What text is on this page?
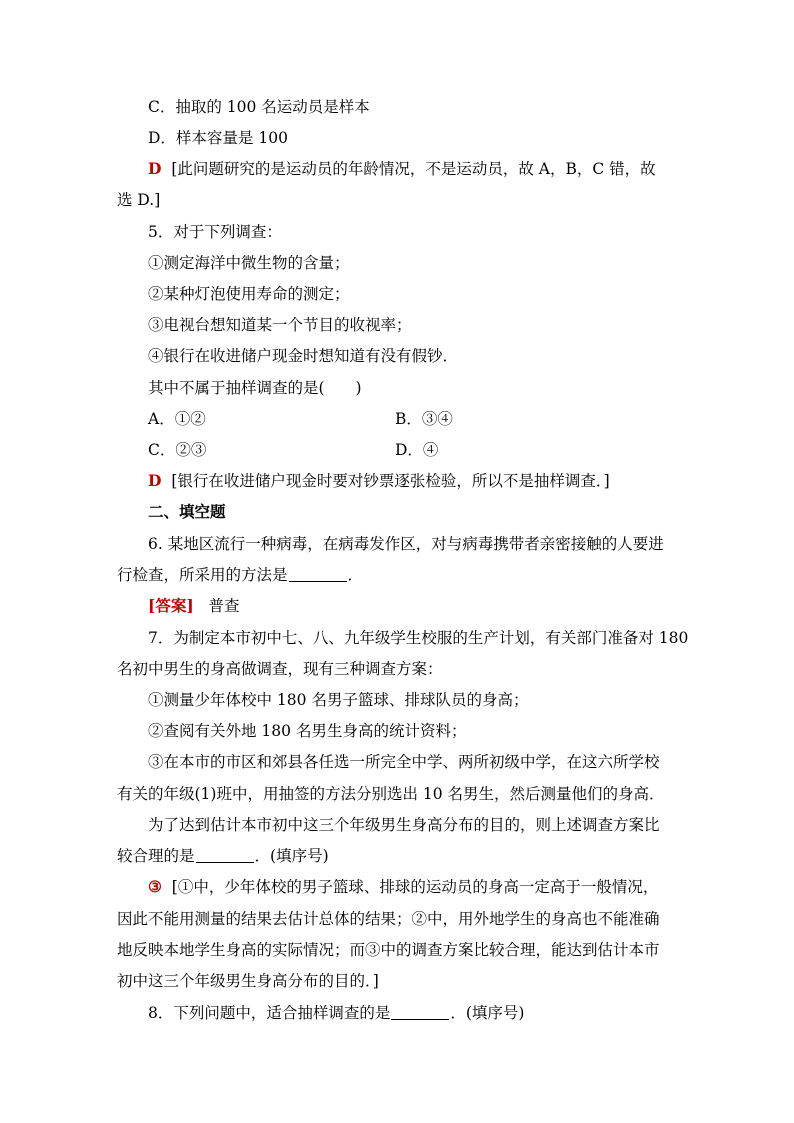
C．抽取的 100 名运动员是样本
D．样本容量是 100
D [此问题研究的是运动员的年龄情况，不是运动员，故 A，B，C 错，故
选 D.]
5．对于下列调查：
①测定海洋中微生物的含量；
②某种灯泡使用寿命的测定；
③电视台想知道某一个节目的收视率；
④银行在收进储户现金时想知道有没有假钞．
其中不属于抽样调查的是(　　)
A．①②	B．③④
C．②③	D．④
D [银行在收进储户现金时要对钞票逐张检验，所以不是抽样调查．]
二、填空题
6. 某地区流行一种病毒，在病毒发作区，对与病毒携带者亲密接触的人要进
行检查，所采用的方法是	．
[答案] 普查
7．为制定本市初中七、八、九年级学生校服的生产计划，有关部门准备对 180
名初中男生的身高做调查，现有三种调查方案：
①测量少年体校中 180 名男子篮球、排球队员的身高；
②查阅有关外地 180 名男生身高的统计资料；
③在本市的市区和郊县各任选一所完全中学、两所初级中学，在这六所学校
有关的年级(1)班中，用抽签的方法分别选出 10 名男生，然后测量他们的身高．
为了达到估计本市初中这三个年级男生身高分布的目的，则上述调查方案比
较合理的是	．(填序号)
③ [①中，少年体校的男子篮球、排球的运动员的身高一定高于一般情况，
因此不能用测量的结果去估计总体的结果；②中，用外地学生的身高也不能准确
地反映本地学生身高的实际情况；而③中的调查方案比较合理，能达到估计本市
初中这三个年级男生身高分布的目的．]
8．下列问题中，适合抽样调查的是	．(填序号)
